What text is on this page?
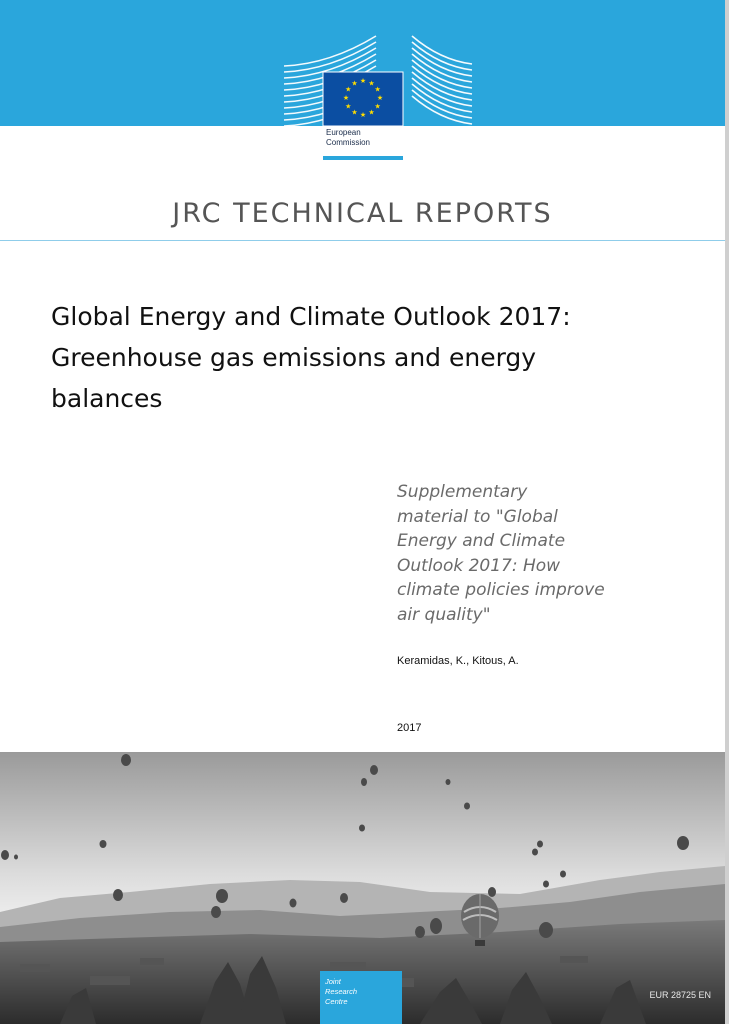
★ ★
★
★
★
★
★
★
★
★
★
★
European
Commission
JRC TECHNICAL REPORTS
Global Energy and Climate Outlook 2017:
Greenhouse gas emissions and energy
balances
Supplementary
material to "Global
Energy and Climate
Outlook 2017: How
climate policies improve
air quality"
Keramidas, K., Kitous, A.
2017
Joint
Research
Centre
EUR 28725 EN
